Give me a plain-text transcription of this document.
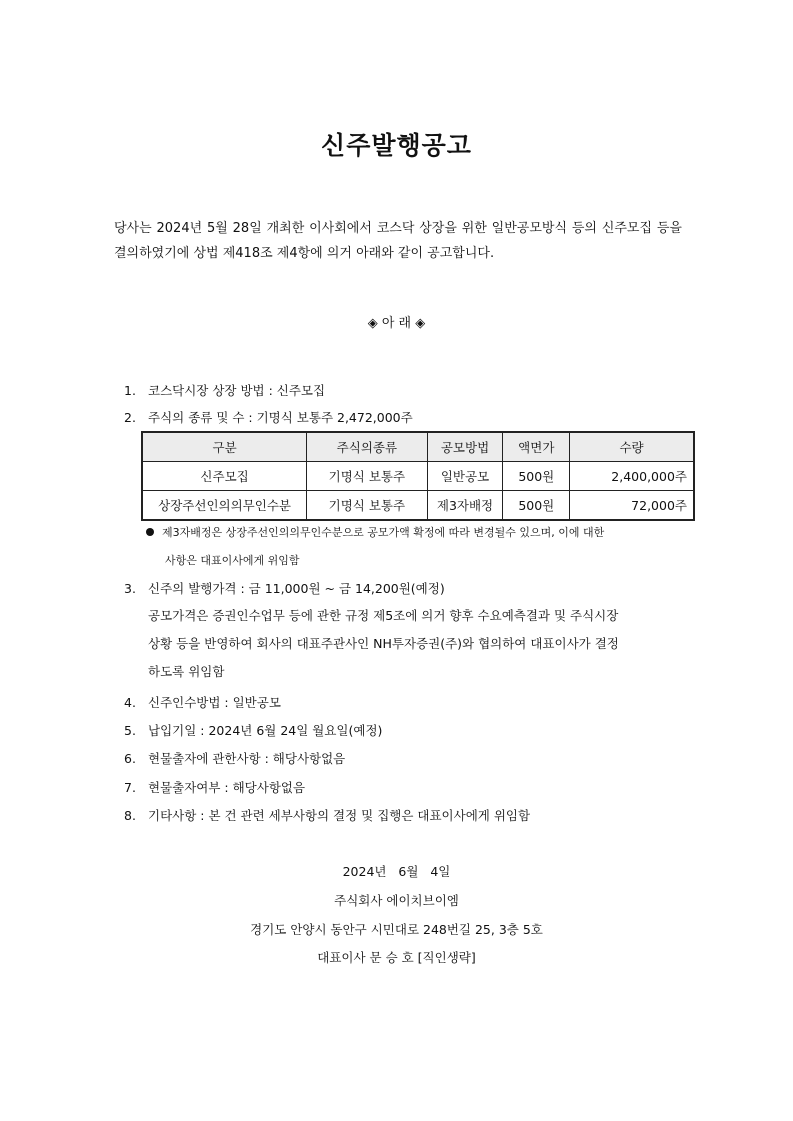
신주발행공고
당사는 2024년 5월 28일 개최한 이사회에서 코스닥 상장을 위한 일반공모방식 등의 신주모집 등을 결의하였기에 상법 제418조 제4항에 의거 아래와 같이 공고합니다.
◈ 아 래 ◈
1. 코스닥시장 상장 방법 : 신주모집
2. 주식의 종류 및 수 : 기명식 보통주 2,472,000주
구분	주식의종류	공모방법	액면가	수량
신주모집	기명식 보통주	일반공모	500원	2,400,000주
상장주선인의의무인수분	기명식 보통주	제3자배정	500원	72,000주
제3자배정은 상장주선인의의무인수분으로 공모가액 확정에 따라 변경될수 있으며, 이에 대한
사항은 대표이사에게 위임함
3. 신주의 발행가격 : 금 11,000원 ~ 금 14,200원(예정)
공모가격은 증권인수업무 등에 관한 규정 제5조에 의거 향후 수요예측결과 및 주식시장
상황 등을 반영하여 회사의 대표주관사인 NH투자증권(주)와 협의하여 대표이사가 결정
하도록 위임함
4. 신주인수방법 : 일반공모
5. 납입기일 : 2024년 6월 24일 월요일(예정)
6. 현물출자에 관한사항 : 해당사항없음
7. 현물출자여부 : 해당사항없음
8. 기타사항 : 본 건 관련 세부사항의 결정 및 집행은 대표이사에게 위임함
2024년   6월   4일
주식회사 에이치브이엠
경기도 안양시 동안구 시민대로 248번길 25, 3층 5호
대표이사 문 승 호 [직인생략]
